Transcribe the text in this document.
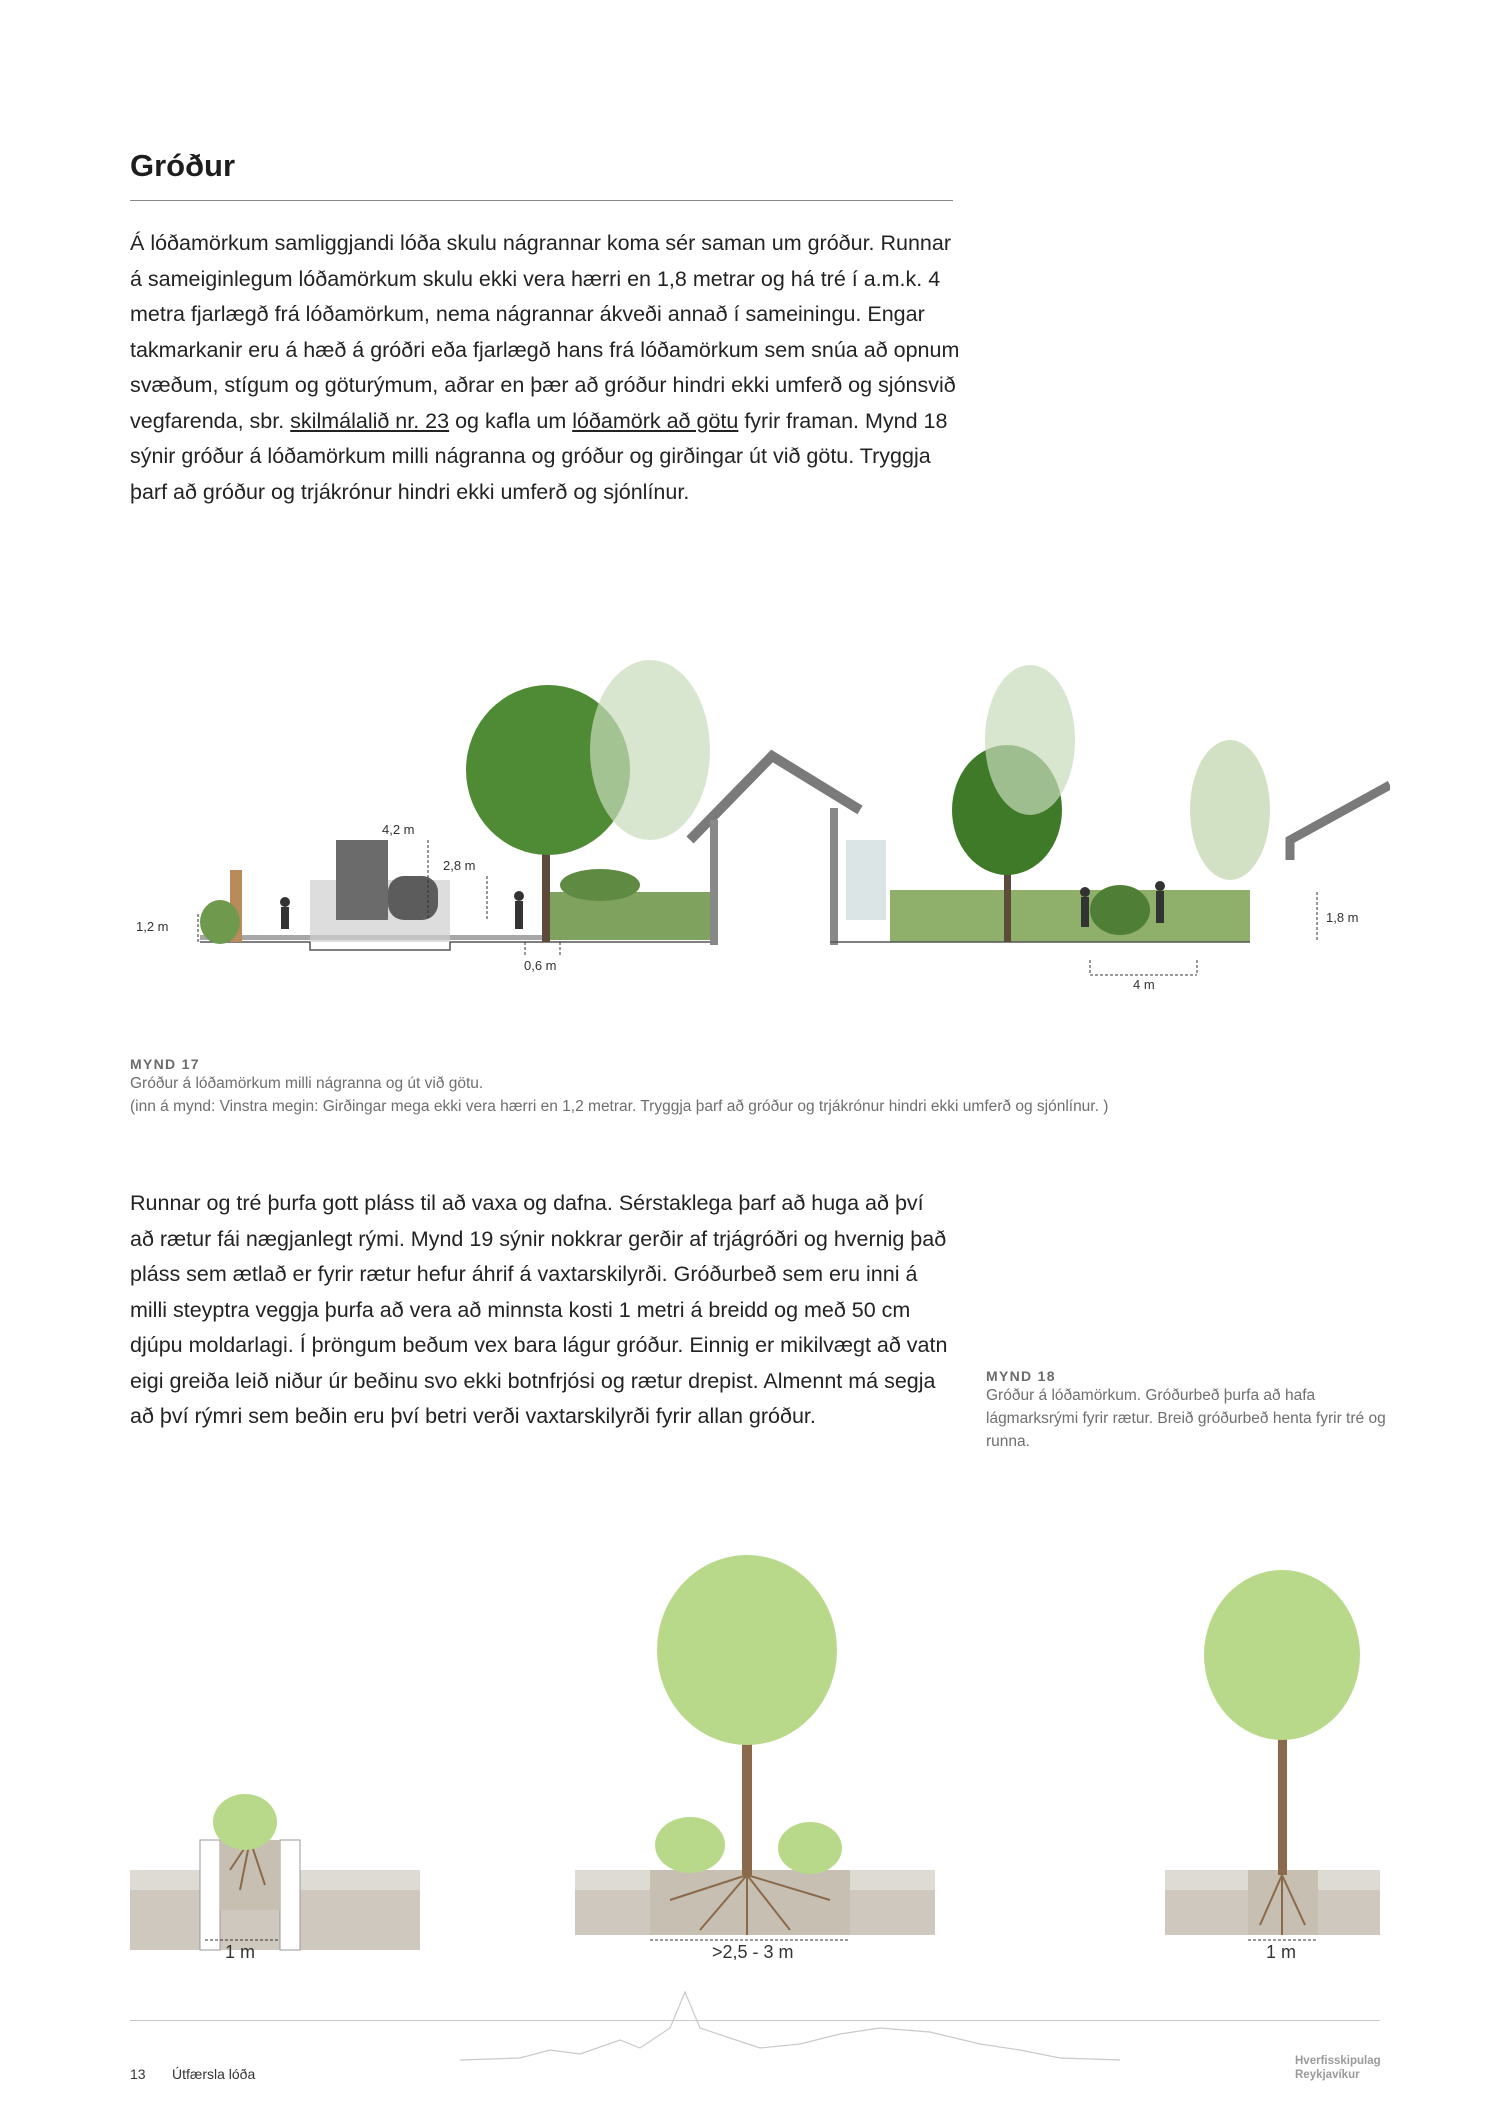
Gróður

Á lóðamörkum samliggjandi lóða skulu nágrannar koma sér saman um gróður. Runnar á sameiginlegum lóðamörkum skulu ekki vera hærri en 1,8 metrar og há tré í a.m.k. 4 metra fjarlægð frá lóðamörkum, nema nágrannar ákveði annað í sameiningu. Engar takmarkanir eru á hæð á gróðri eða fjarlægð hans frá lóðamörkum sem snúa að opnum svæðum, stígum og göturýmum, aðrar en þær að gróður hindri ekki umferð og sjónsvið vegfarenda, sbr. skilmálalið nr. 23 og kafla um lóðamörk að götu fyrir framan. Mynd 18 sýnir gróður á lóðamörkum milli nágranna og gróður og girðingar út við götu. Tryggja þarf að gróður og trjákrónur hindri ekki umferð og sjónlínur.

1,2 m
4,2 m
2,8 m
0,6 m
4 m
1,8 m
MYND 17
Gróður á lóðamörkum milli nágranna og út við götu.
(inn á mynd: Vinstra megin: Girðingar mega ekki vera hærri en 1,2 metrar. Tryggja þarf að gróður og trjákrónur hindri ekki umferð og sjónlínur. )

Runnar og tré þurfa gott pláss til að vaxa og dafna. Sérstaklega þarf að huga að því að rætur fái nægjanlegt rými. Mynd 19 sýnir nokkrar gerðir af trjágróðri og hvernig það pláss sem ætlað er fyrir rætur hefur áhrif á vaxtarskilyrði. Gróðurbeð sem eru inni á milli steyptra veggja þurfa að vera að minnsta kosti 1 metri á breidd og með 50 cm djúpu moldarlagi. Í þröngum beðum vex bara lágur gróður. Einnig er mikilvægt að vatn eigi greiða leið niður úr beðinu svo ekki botnfrjósi og rætur drepist. Almennt má segja að því rýmri sem beðin eru því betri verði vaxtarskilyrði fyrir allan gróður.

MYND 18
Gróður á lóðamörkum. Gróðurbeð þurfa að hafa lágmarksrými fyrir rætur. Breið gróðurbeð henta fyrir tré og runna.
1 m	>2,5 - 3 m	1 m
13 Útfærsla lóða
Hverfisskipulag
Reykjavíkur
